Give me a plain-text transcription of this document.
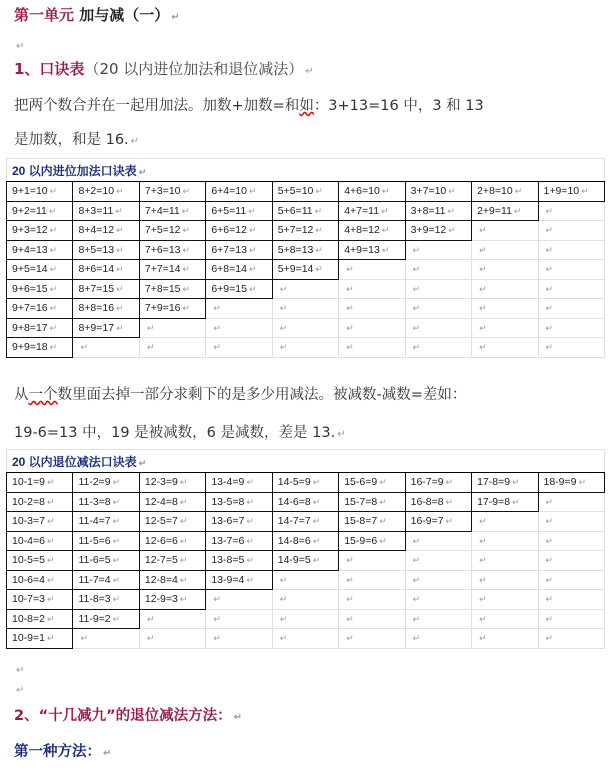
第一单元 加与减（一） ↵
↵
1、口诀表（20 以内进位加法和退位减法） ↵
把两个数合并在一起用加法。加数+加数=和如：3+13=16 中，3 和 13
是加数，和是 16. ↵
20 以内进位加法口诀表 ↵								
9+1=10 ↵	8+2=10 ↵	7+3=10 ↵	6+4=10 ↵	5+5=10 ↵	4+6=10 ↵	3+7=10 ↵	2+8=10 ↵	1+9=10 ↵
9+2=11 ↵	8+3=11 ↵	7+4=11 ↵	6+5=11 ↵	5+6=11 ↵	4+7=11 ↵	3+8=11 ↵	2+9=11 ↵	↵
9+3=12 ↵	8+4=12 ↵	7+5=12 ↵	6+6=12 ↵	5+7=12 ↵	4+8=12 ↵	3+9=12 ↵	↵	↵
9+4=13 ↵	8+5=13 ↵	7+6=13 ↵	6+7=13 ↵	5+8=13 ↵	4+9=13 ↵	↵	↵	↵
9+5=14 ↵	8+6=14 ↵	7+7=14 ↵	6+8=14 ↵	5+9=14 ↵	↵	↵	↵	↵
9+6=15 ↵	8+7=15 ↵	7+8=15 ↵	6+9=15 ↵	↵	↵	↵	↵	↵
9+7=16 ↵	8+8=16 ↵	7+9=16 ↵	↵	↵	↵	↵	↵	↵
9+8=17 ↵	8+9=17 ↵	↵	↵	↵	↵	↵	↵	↵
9+9=18 ↵	↵	↵	↵	↵	↵	↵	↵	↵
从一个数里面去掉一部分求剩下的是多少用减法。被减数-减数=差如：
19-6=13 中，19 是被减数，6 是减数，差是 13. ↵
20 以内退位减法口诀表 ↵								
10-1=9 ↵	11-2=9 ↵	12-3=9 ↵	13-4=9 ↵	14-5=9 ↵	15-6=9 ↵	16-7=9 ↵	17-8=9 ↵	18-9=9 ↵
10-2=8 ↵	11-3=8 ↵	12-4=8 ↵	13-5=8 ↵	14-6=8 ↵	15-7=8 ↵	16-8=8 ↵	17-9=8 ↵	↵
10-3=7 ↵	11-4=7 ↵	12-5=7 ↵	13-6=7 ↵	14-7=7 ↵	15-8=7 ↵	16-9=7 ↵	↵	↵
10-4=6 ↵	11-5=6 ↵	12-6=6 ↵	13-7=6 ↵	14-8=6 ↵	15-9=6 ↵	↵	↵	↵
10-5=5 ↵	11-6=5 ↵	12-7=5 ↵	13-8=5 ↵	14-9=5 ↵	↵	↵	↵	↵
10-6=4 ↵	11-7=4 ↵	12-8=4 ↵	13-9=4 ↵	↵	↵	↵	↵	↵
10-7=3 ↵	11-8=3 ↵	12-9=3 ↵	↵	↵	↵	↵	↵	↵
10-8=2 ↵	11-9=2 ↵	↵	↵	↵	↵	↵	↵	↵
10-9=1 ↵	↵	↵	↵	↵	↵	↵	↵	↵
↵
↵
2、“十几减九”的退位减法方法： ↵
第一种方法： ↵
